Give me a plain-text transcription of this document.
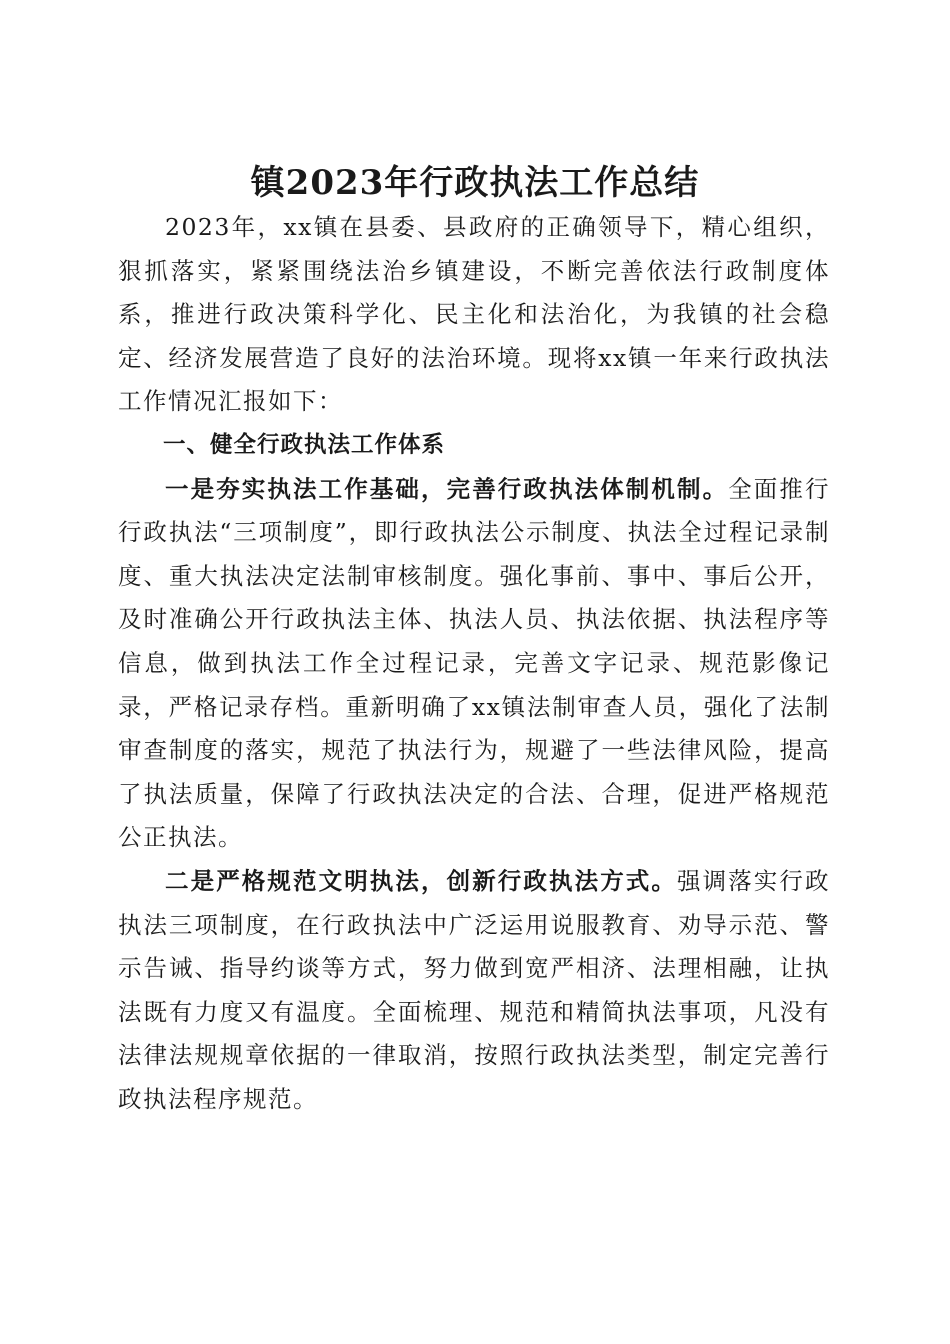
镇2023年行政执法工作总结

2023年，xx镇在县委、县政府的正确领导下，精心组织，狠抓落实，紧紧围绕法治乡镇建设，不断完善依法行政制度体系，推进行政决策科学化、民主化和法治化，为我镇的社会稳定、经济发展营造了良好的法治环境。现将xx镇一年来行政执法工作情况汇报如下：

一、健全行政执法工作体系

一是夯实执法工作基础，完善行政执法体制机制。全面推行行政执法“三项制度”，即行政执法公示制度、执法全过程记录制度、重大执法决定法制审核制度。强化事前、事中、事后公开，及时准确公开行政执法主体、执法人员、执法依据、执法程序等信息，做到执法工作全过程记录，完善文字记录、规范影像记录，严格记录存档。重新明确了xx镇法制审查人员，强化了法制审查制度的落实，规范了执法行为，规避了一些法律风险，提高了执法质量，保障了行政执法决定的合法、合理，促进严格规范公正执法。

二是严格规范文明执法，创新行政执法方式。强调落实行政执法三项制度，在行政执法中广泛运用说服教育、劝导示范、警示告诫、指导约谈等方式，努力做到宽严相济、法理相融，让执法既有力度又有温度。全面梳理、规范和精简执法事项，凡没有法律法规规章依据的一律取消，按照行政执法类型，制定完善行政执法程序规范。
